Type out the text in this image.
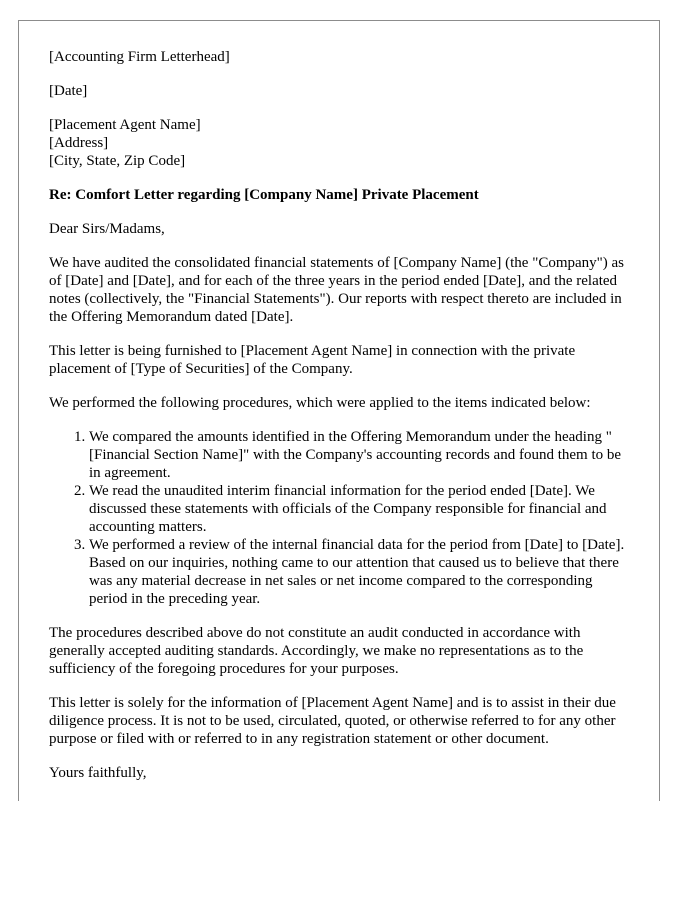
[Accounting Firm Letterhead]

[Date]

[Placement Agent Name]

[Address]

[City, State, Zip Code]

Re: Comfort Letter regarding [Company Name] Private Placement

Dear Sirs/Madams,

We have audited the consolidated financial statements of [Company Name] (the "Company") as of [Date] and [Date], and for each of the three years in the period ended [Date], and the related notes (collectively, the "Financial Statements"). Our reports with respect thereto are included in the Offering Memorandum dated [Date].

This letter is being furnished to [Placement Agent Name] in connection with the private placement of [Type of Securities] of the Company.

We performed the following procedures, which were applied to the items indicated below:

1. We compared the amounts identified in the Offering Memorandum under the heading "[Financial Section Name]" with the Company's accounting records and found them to be in agreement.
2. We read the unaudited interim financial information for the period ended [Date]. We discussed these statements with officials of the Company responsible for financial and accounting matters.
3. We performed a review of the internal financial data for the period from [Date] to [Date]. Based on our inquiries, nothing came to our attention that caused us to believe that there was any material decrease in net sales or net income compared to the corresponding period in the preceding year.

The procedures described above do not constitute an audit conducted in accordance with generally accepted auditing standards. Accordingly, we make no representations as to the sufficiency of the foregoing procedures for your purposes.

This letter is solely for the information of [Placement Agent Name] and is to assist in their due diligence process. It is not to be used, circulated, quoted, or otherwise referred to for any other purpose or filed with or referred to in any registration statement or other document.

Yours faithfully,
